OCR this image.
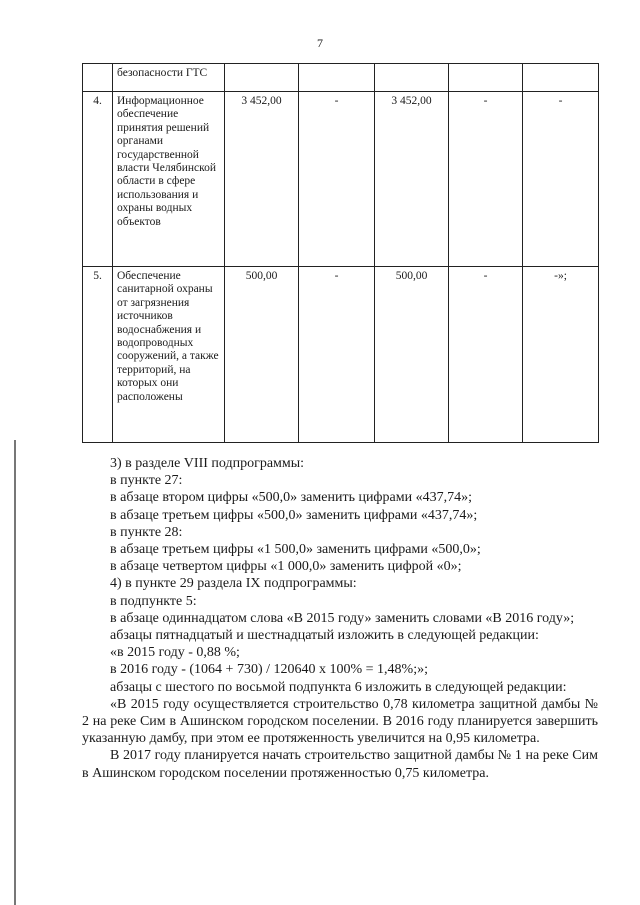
7
	безопасности ГТС					
4.	Информационное обеспечение принятия решений органами государственной власти Челябинской области в сфере использования и охраны водных объектов	3 452,00	-	3 452,00	-	-
5.	Обеспечение санитарной охраны от загрязнения источников водоснабжения и водопроводных сооружений, а также территорий, на которых они расположены	500,00	-	500,00	-	-»;

3) в разделе VIII подпрограммы:

в пункте 27:

в абзаце втором цифры «500,0» заменить цифрами «437,74»;

в абзаце третьем цифры «500,0» заменить цифрами «437,74»;

в пункте 28:

в абзаце третьем цифры «1 500,0» заменить цифрами «500,0»;

в абзаце четвертом цифры «1 000,0» заменить цифрой «0»;

4) в пункте 29 раздела IX подпрограммы:

в подпункте 5:

в абзаце одиннадцатом слова «В 2015 году» заменить словами «В 2016 году»;

абзацы пятнадцатый и шестнадцатый изложить в следующей редакции:

«в 2015 году - 0,88 %;

в 2016 году - (1064 + 730) / 120640 x 100% = 1,48%;»;

абзацы с шестого по восьмой подпункта 6 изложить в следующей редакции:

«В 2015 году осуществляется строительство 0,78 километра защитной дамбы № 2 на реке Сим в Ашинском городском поселении. В 2016 году планируется завершить указанную дамбу, при этом ее протяженность увеличится на 0,95 километра.

В 2017 году планируется начать строительство защитной дамбы № 1 на реке Сим в Ашинском городском поселении протяженностью 0,75 километра.
